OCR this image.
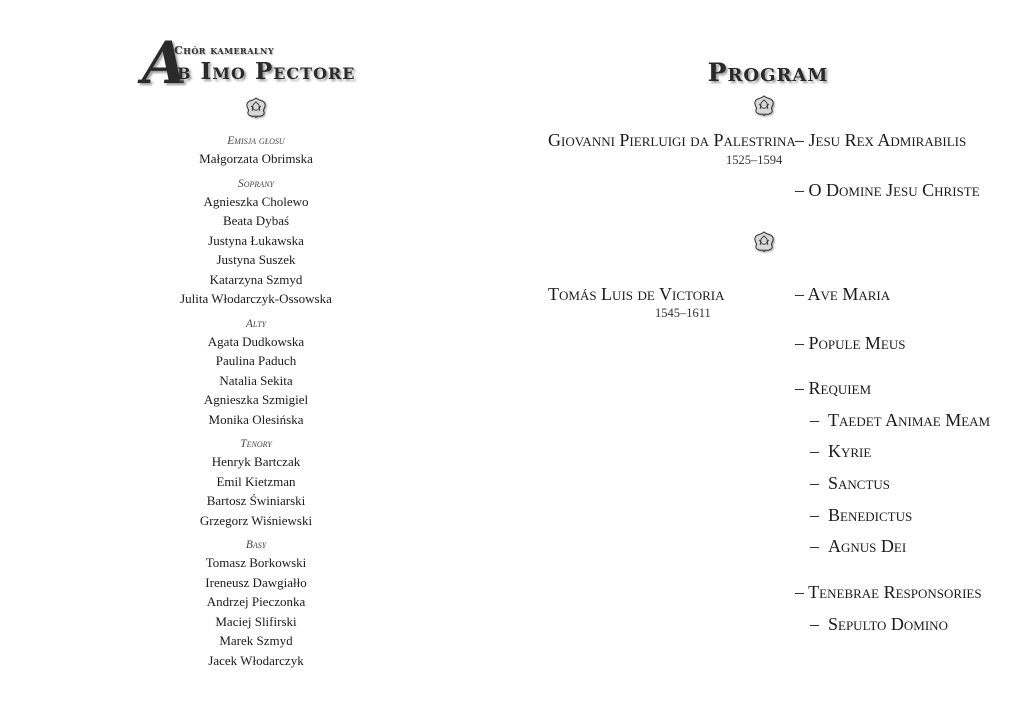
A
Chór kameralny
b Imo Pectore
Emisja głosu
Małgorzata Obrimska
Soprany
Agnieszka Cholewo
Beata Dybaś
Justyna Łukawska
Justyna Suszek
Katarzyna Szmyd
Julita Włodarczyk-Ossowska
Alty
Agata Dudkowska
Paulina Paduch
Natalia Sekita
Agnieszka Szmigiel
Monika Olesińska
Tenory
Henryk Bartczak
Emil Kietzman
Bartosz Świniarski
Grzegorz Wiśniewski
Basy
Tomasz Borkowski
Ireneusz Dawgiałło
Andrzej Pieczonka
Maciej Slifirski
Marek Szmyd
Jacek Włodarczyk
Program
Giovanni Pierluigi da Palestrina
1525–1594
– Jesu Rex Admirabilis
– O Domine Jesu Christe
Tomás Luis de Victoria
1545–1611
– Ave Maria
– Popule Meus
– Requiem
– Taedet Animae Meam
– Kyrie
– Sanctus
– Benedictus
– Agnus Dei
– Tenebrae Responsories
– Sepulto Domino
